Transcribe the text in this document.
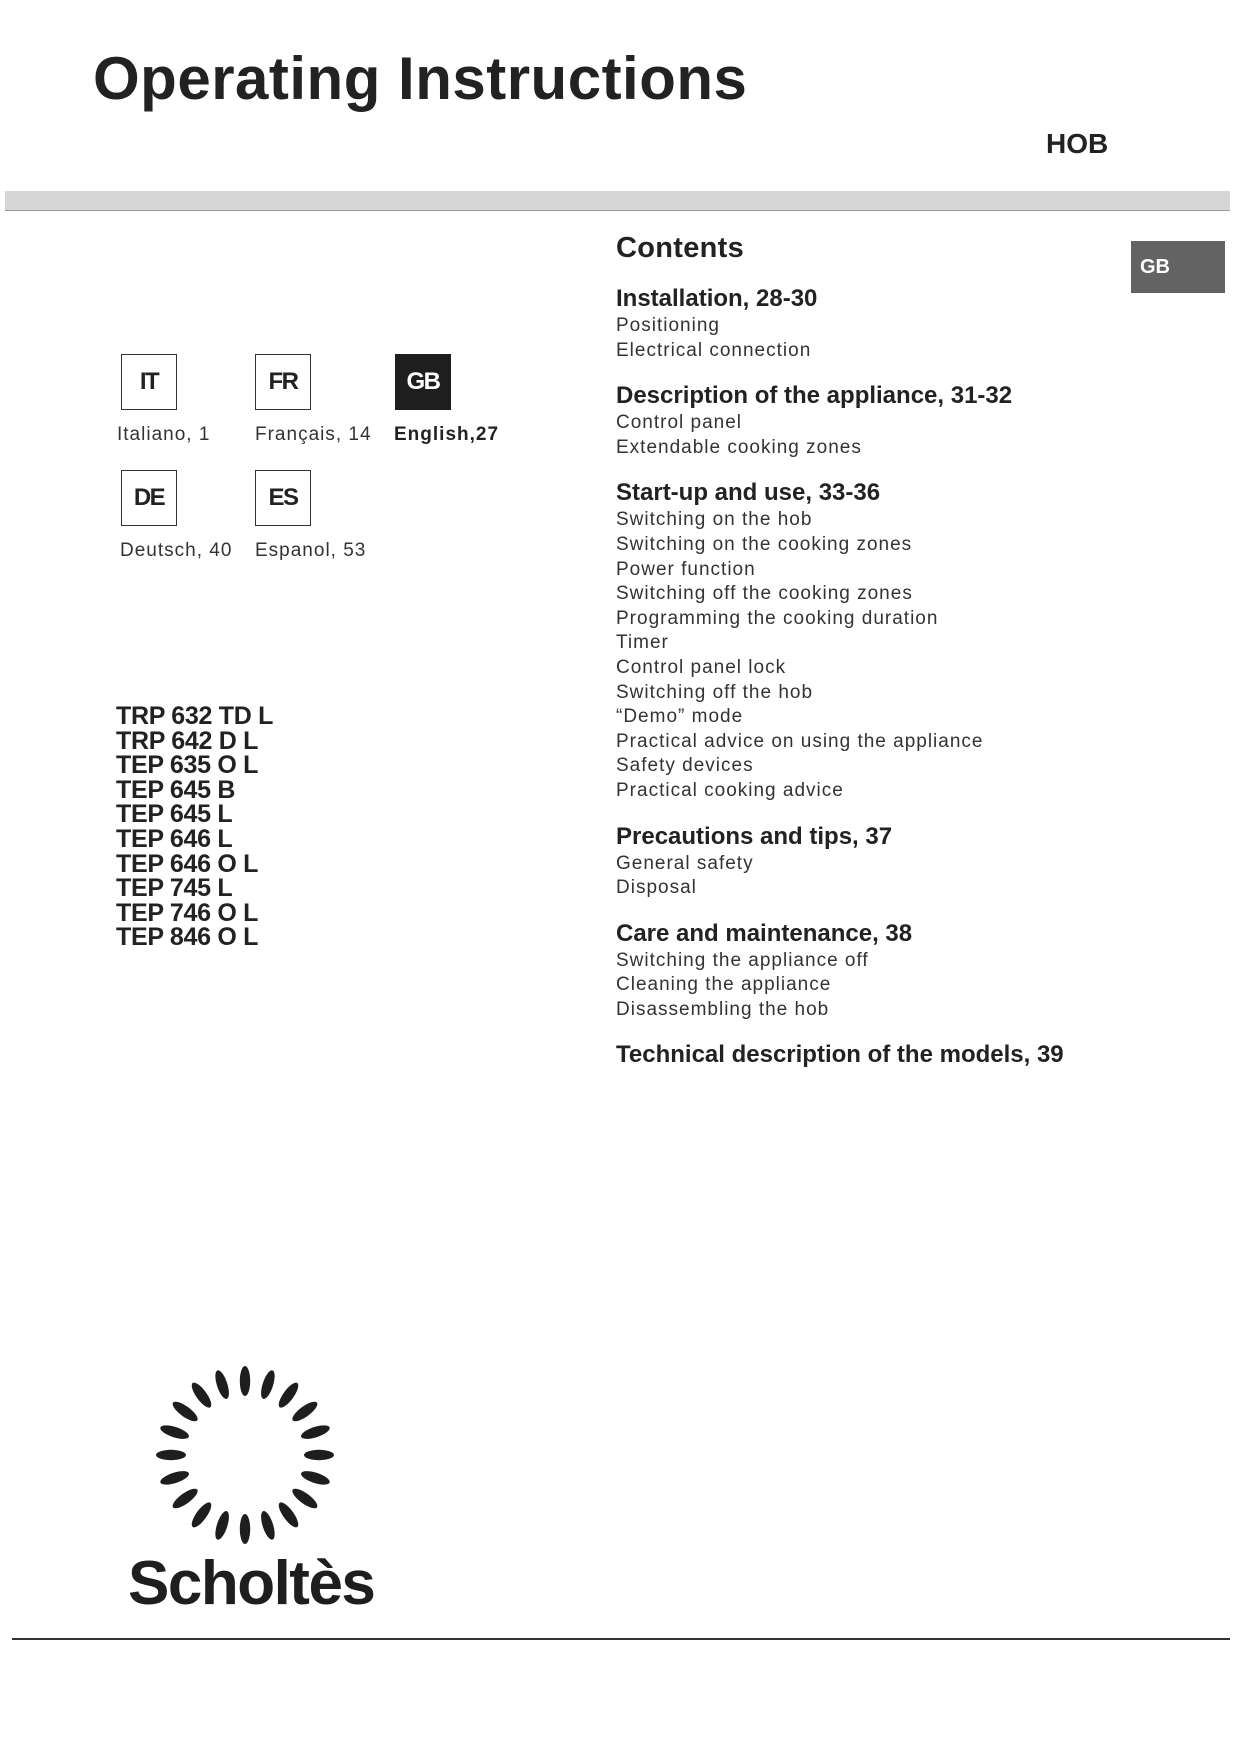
Operating Instructions
HOB
GB
IT
Italiano, 1
FR
Français, 14
GB
English,27
DE
Deutsch, 40
ES
Espanol, 53
TRP 632 TD L
TRP 642 D L
TEP 635 O L
TEP 645 B
TEP 645 L
TEP 646 L
TEP 646 O L
TEP 745 L
TEP 746 O L
TEP 846 O L
Contents
Installation, 28-30
Positioning
Electrical connection
Description of the appliance, 31-32
Control panel
Extendable cooking zones
Start-up and use, 33-36
Switching on the hob
Switching on the cooking zones
Power function
Switching off the cooking zones
Programming the cooking duration
Timer
Control panel lock
Switching off the hob
“Demo” mode
Practical advice on using the appliance
Safety devices
Practical cooking advice
Precautions and tips, 37
General safety
Disposal
Care and maintenance, 38
Switching the appliance off
Cleaning the appliance
Disassembling the hob
Technical description of the models, 39
Scholtès
